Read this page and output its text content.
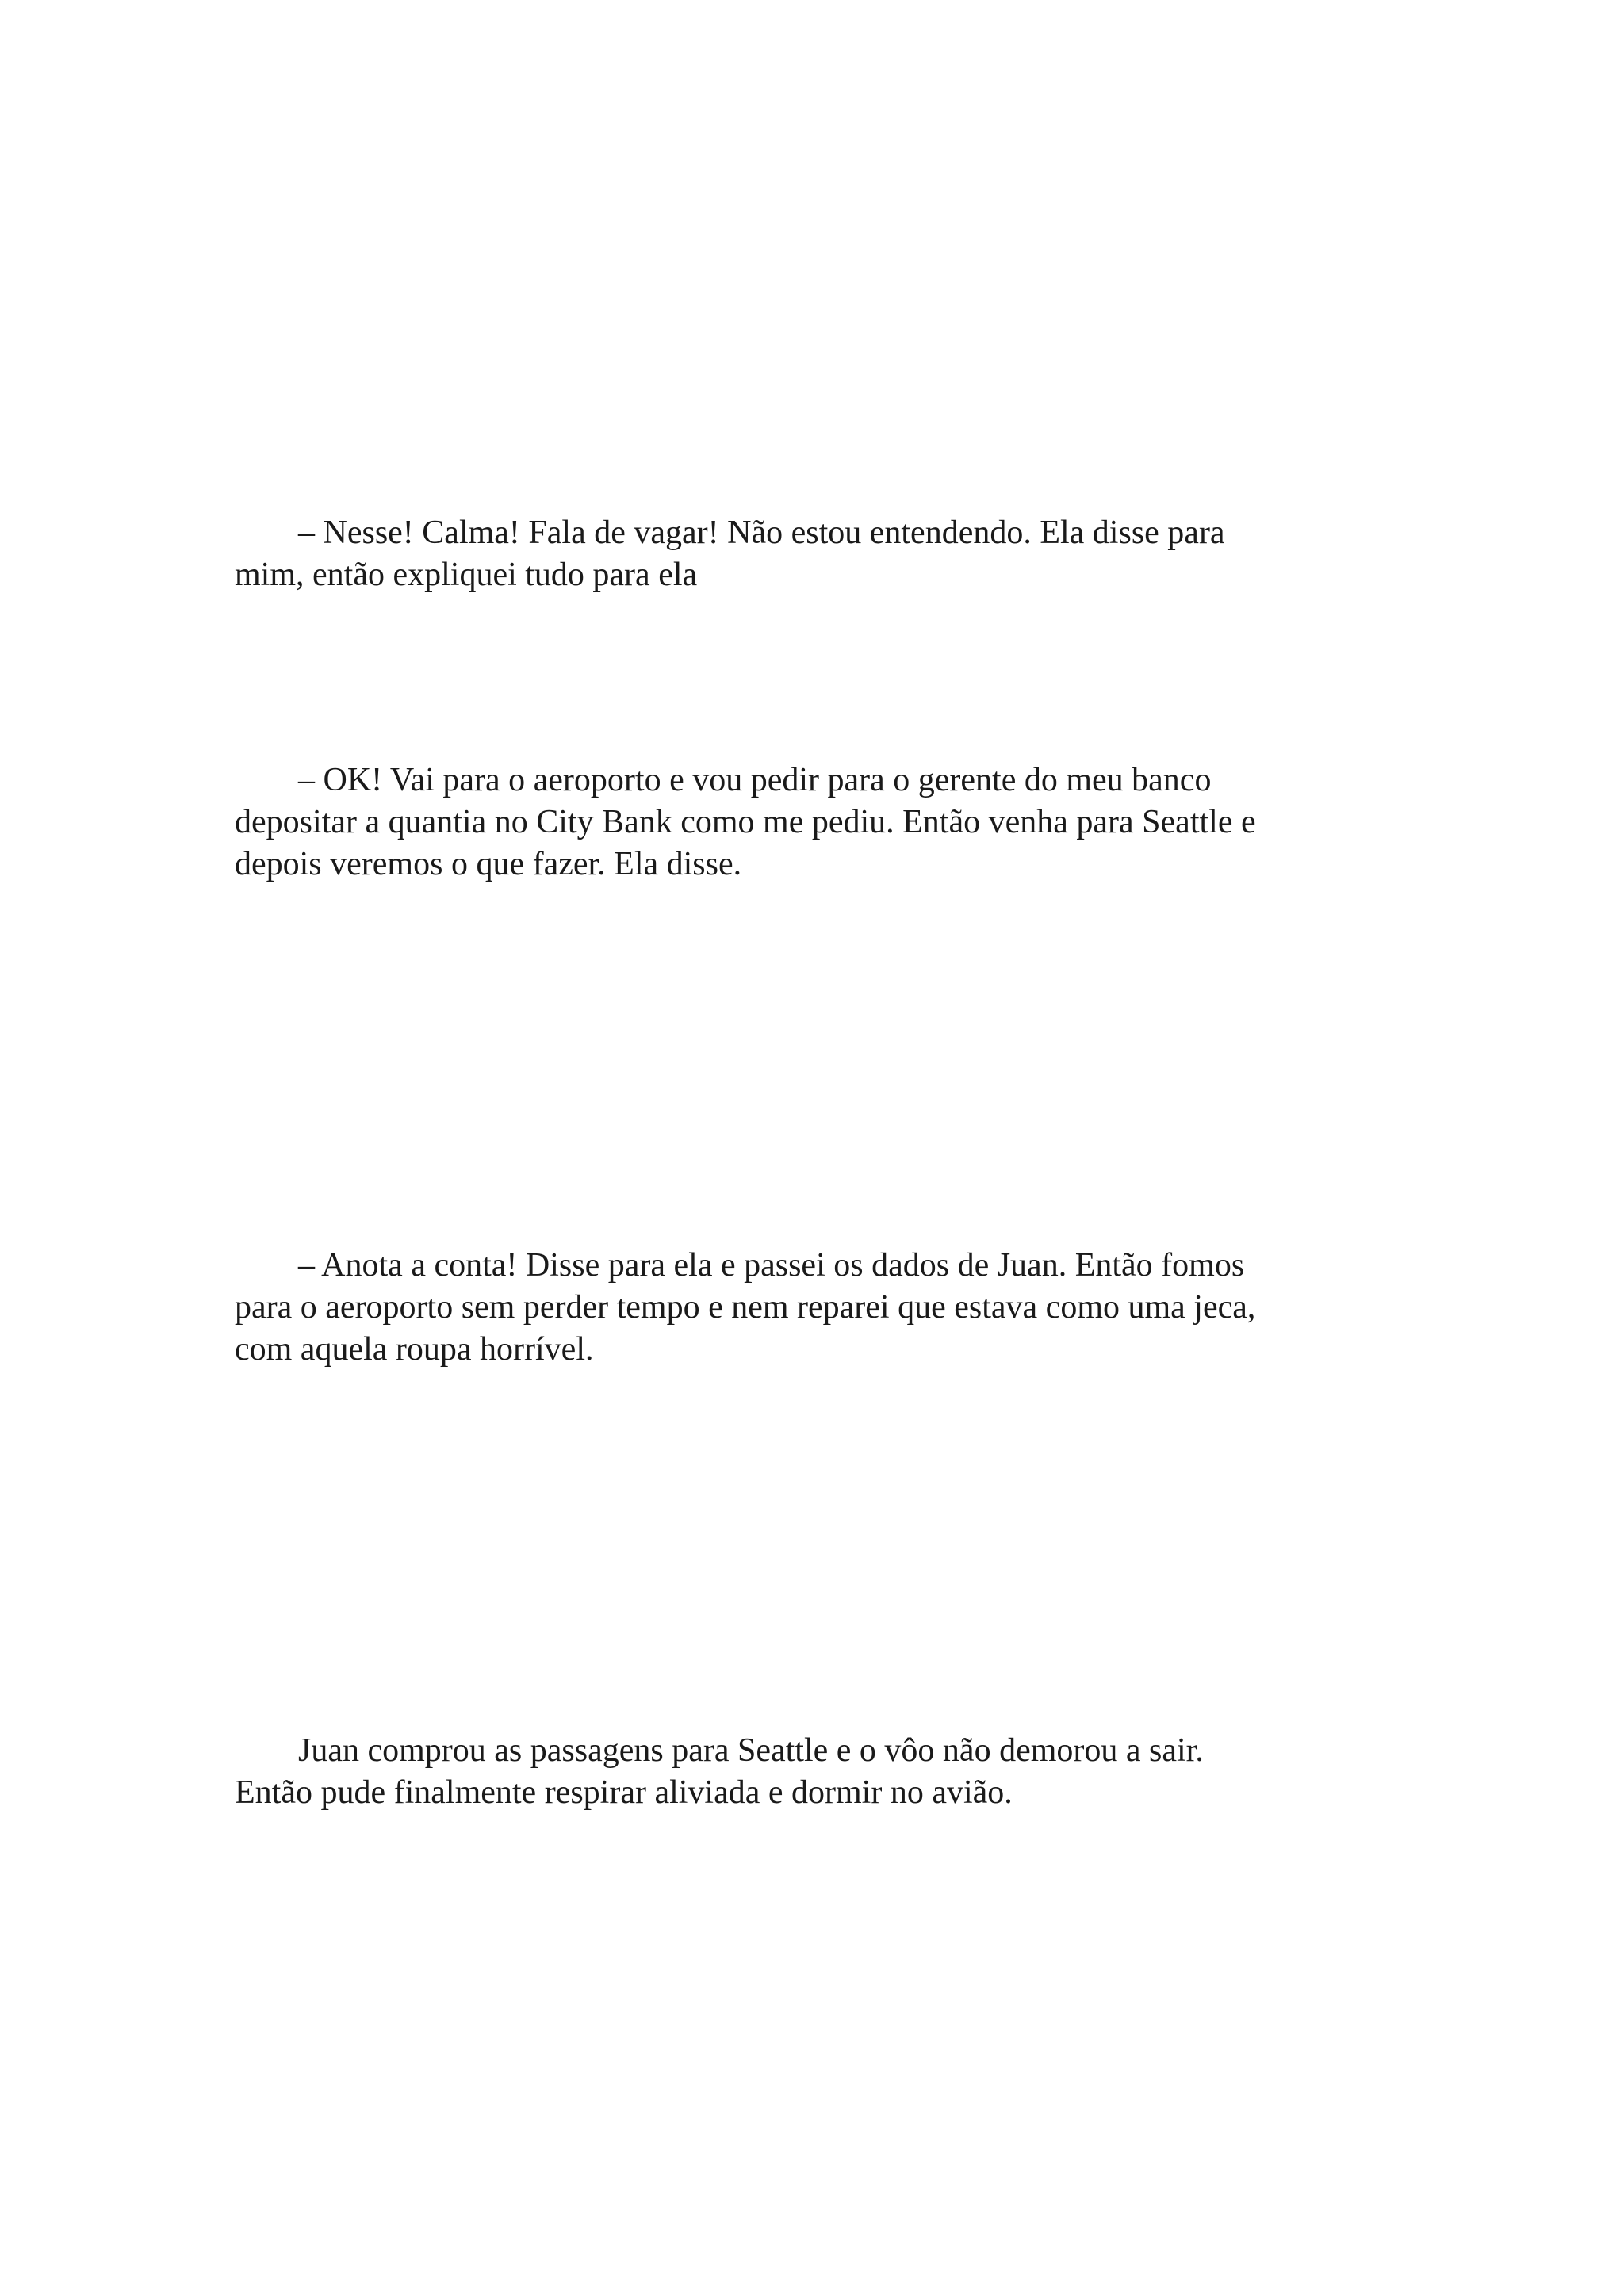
– Nesse! Calma! Fala de vagar! Não estou entendendo. Ela disse para
mim, então expliquei tudo para ela

– OK! Vai para o aeroporto e vou pedir para o gerente do meu banco
depositar a quantia no City Bank como me pediu. Então venha para Seattle e
depois veremos o que fazer. Ela disse.

– Anota a conta! Disse para ela e passei os dados de Juan. Então fomos
para o aeroporto sem perder tempo e nem reparei que estava como uma jeca,
com aquela roupa horrível.

Juan comprou as passagens para Seattle e o vôo não demorou a sair.
Então pude finalmente respirar aliviada e dormir no avião.
